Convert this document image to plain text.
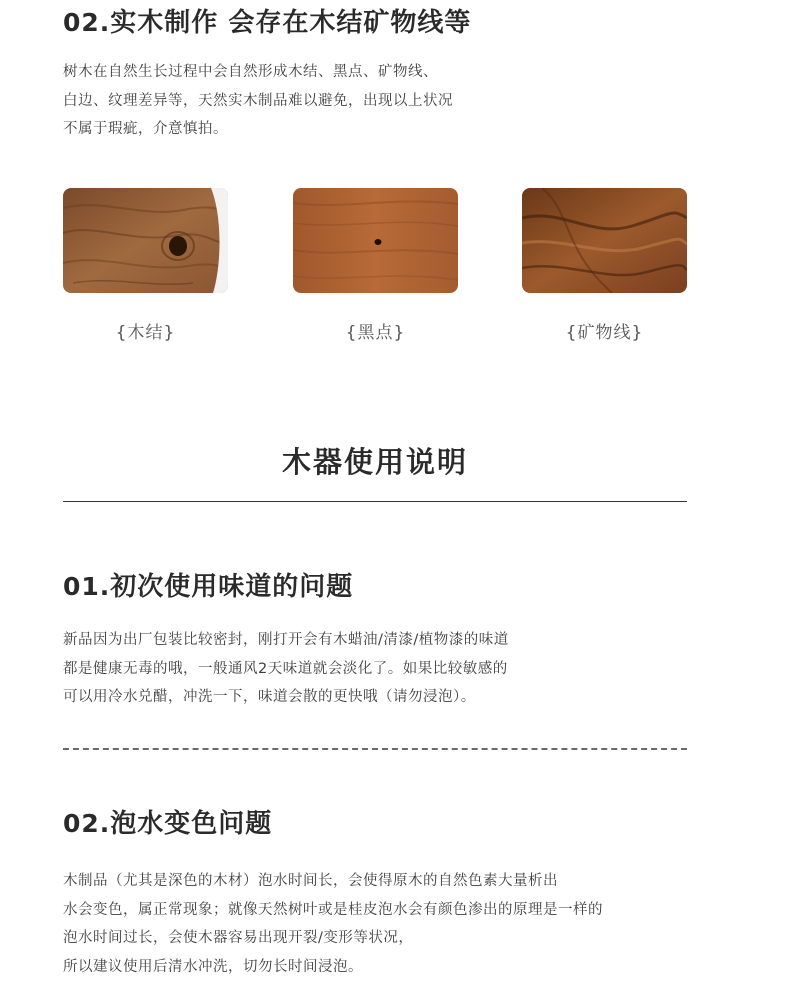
02.实木制作 会存在木结矿物线等

树木在自然生长过程中会自然形成木结、黑点、矿物线、

白边、纹理差异等，天然实木制品难以避免，出现以上状况

不属于瑕疵，介意慎拍。

{木结}	{黑点}	{矿物线}
木器使用说明
01.初次使用味道的问题

新品因为出厂包装比较密封，刚打开会有木蜡油/清漆/植物漆的味道

都是健康无毒的哦，一般通风2天味道就会淡化了。如果比较敏感的

可以用冷水兑醋，冲洗一下，味道会散的更快哦（请勿浸泡）。

02.泡水变色问题

木制品（尤其是深色的木材）泡水时间长，会使得原木的自然色素大量析出

水会变色，属正常现象；就像天然树叶或是桂皮泡水会有颜色渗出的原理是一样的

泡水时间过长，会使木器容易出现开裂/变形等状况，

所以建议使用后清水冲洗，切勿长时间浸泡。
